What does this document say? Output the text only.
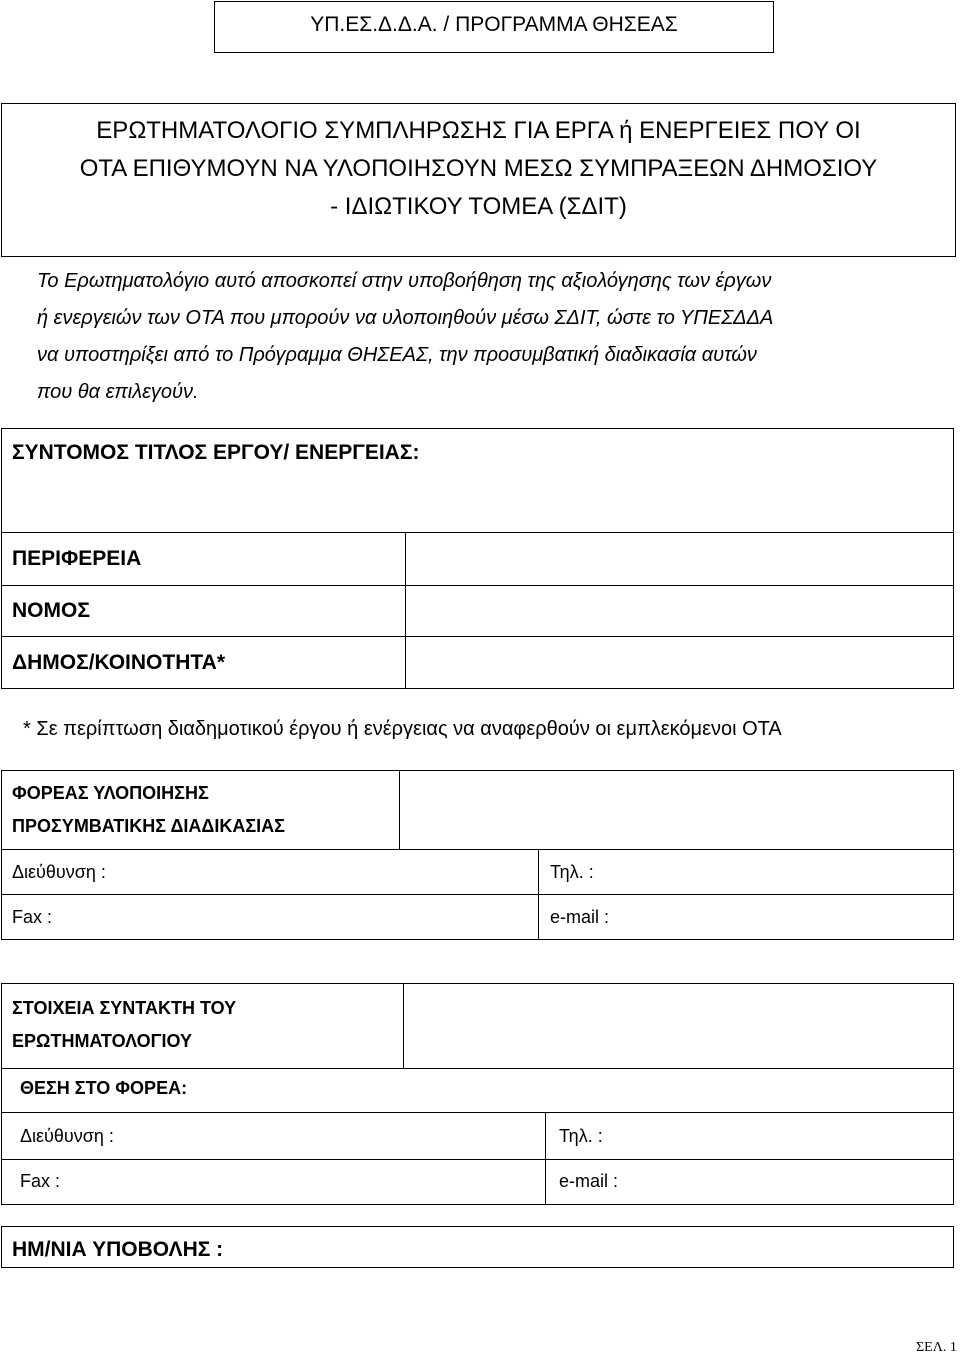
ΥΠ.ΕΣ.Δ.Δ.Α. / ΠΡΟΓΡΑΜΜΑ ΘΗΣΕΑΣ
ΕΡΩΤΗΜΑΤΟΛΟΓΙΟ ΣΥΜΠΛΗΡΩΣΗΣ ΓΙΑ ΕΡΓΑ ή ΕΝΕΡΓΕΙΕΣ ΠΟΥ ΟΙ
ΟΤΑ ΕΠΙΘΥΜΟΥΝ ΝΑ ΥΛΟΠΟΙΗΣΟΥΝ ΜΕΣΩ ΣΥΜΠΡΑΞΕΩΝ ΔΗΜΟΣΙΟΥ
- ΙΔΙΩΤΙΚΟΥ ΤΟΜΕΑ (ΣΔΙΤ)
Το Ερωτηματολόγιο αυτό αποσκοπεί στην υποβοήθηση της αξιολόγησης των έργων
ή ενεργειών των ΟΤΑ που μπορούν να υλοποιηθούν μέσω ΣΔΙΤ, ώστε το ΥΠΕΣΔΔΑ
να υποστηρίξει από το Πρόγραμμα ΘΗΣΕΑΣ, την προσυμβατική διαδικασία αυτών
που θα επιλεγούν.
ΣΥΝΤΟΜΟΣ ΤΙΤΛΟΣ ΕΡΓΟΥ/ ΕΝΕΡΓΕΙΑΣ:
ΠΕΡΙΦΕΡΕΙΑ
ΝΟΜΟΣ
ΔΗΜΟΣ/ΚΟΙΝΟΤΗΤΑ*
* Σε περίπτωση διαδημοτικού έργου ή ενέργειας να αναφερθούν οι εμπλεκόμενοι ΟΤΑ
ΦΟΡΕΑΣ ΥΛΟΠΟΙΗΣΗΣ
ΠΡΟΣΥΜΒΑΤΙΚΗΣ ΔΙΑΔΙΚΑΣΙΑΣ
Διεύθυνση :	Τηλ. :
Fax :	e-mail :
ΣΤΟΙΧΕΙΑ ΣΥΝΤΑΚΤΗ ΤΟΥ
ΕΡΩΤΗΜΑΤΟΛΟΓΙΟΥ
ΘΕΣΗ ΣΤΟ ΦΟΡΕΑ:
Διεύθυνση :	Τηλ. :
Fax :	e-mail :
ΗΜ/ΝΙΑ ΥΠΟΒΟΛΗΣ :
ΣΕΛ. 1
